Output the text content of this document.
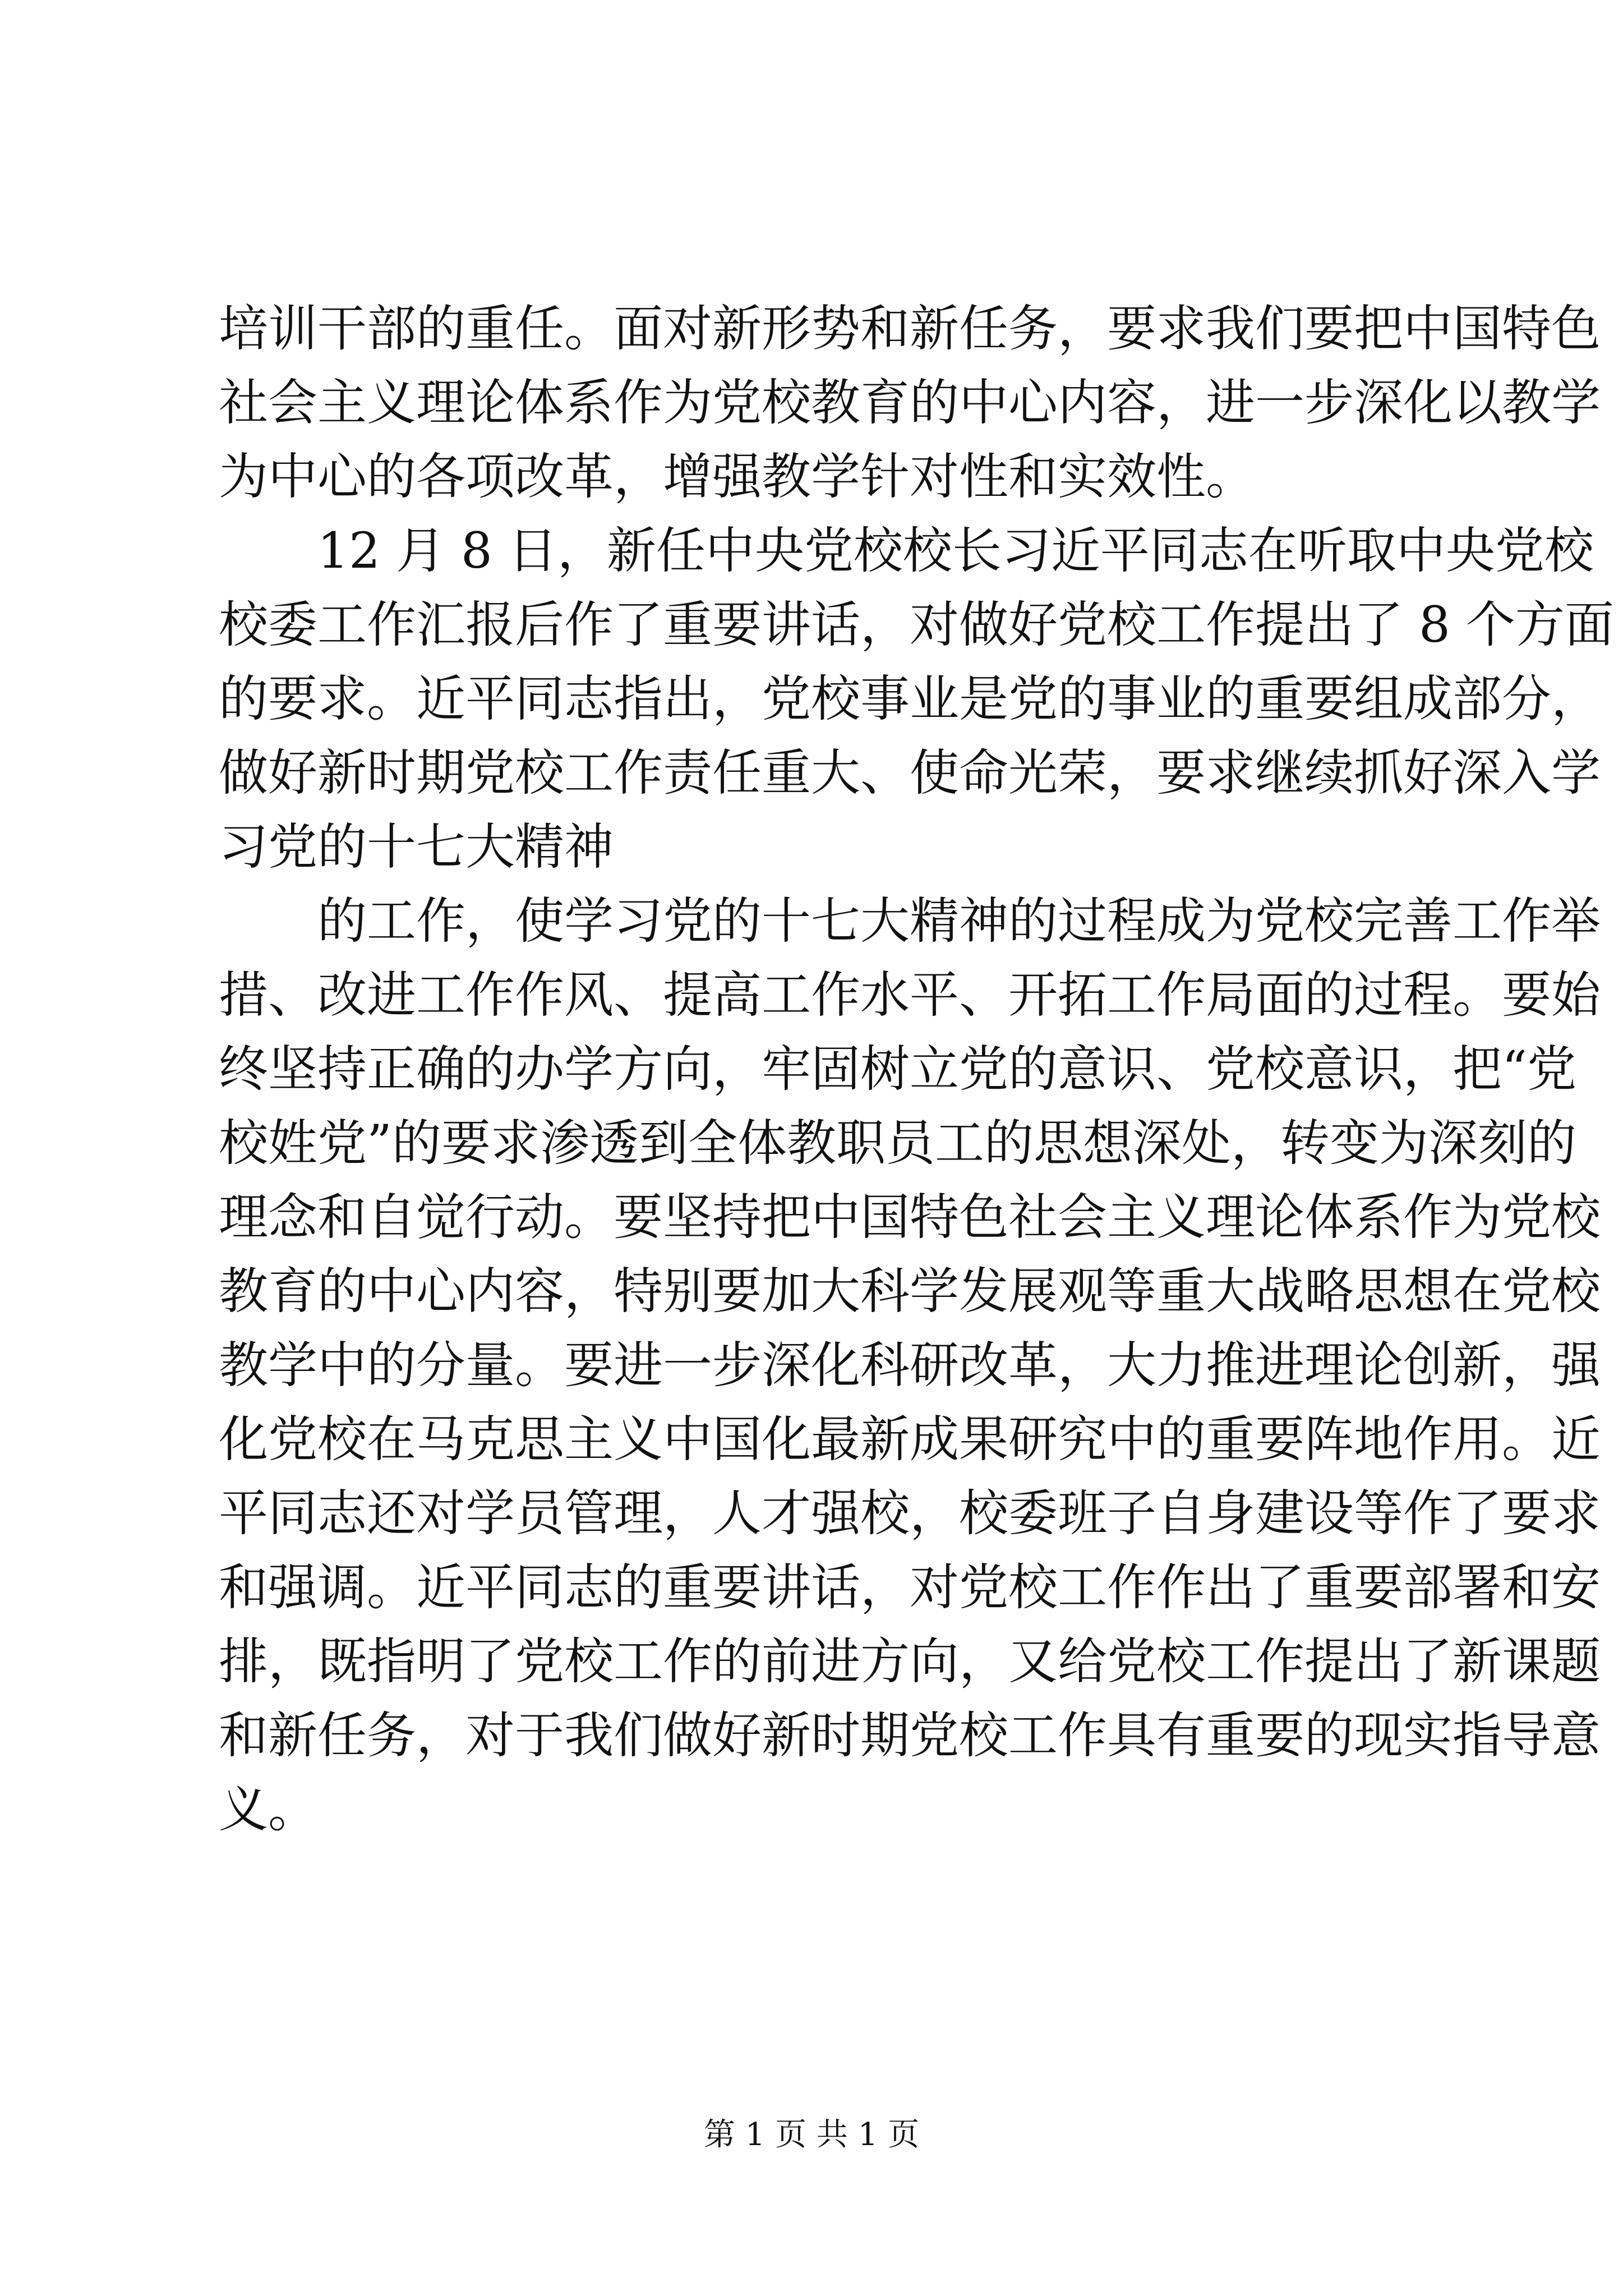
培训干部的重任。面对新形势和新任务，要求我们要把中国特色
社会主义理论体系作为党校教育的中心内容，进一步深化以教学
为中心的各项改革，增强教学针对性和实效性。
　　12 月 8 日，新任中央党校校长习近平同志在听取中央党校
校委工作汇报后作了重要讲话，对做好党校工作提出了 8 个方面
的要求。近平同志指出，党校事业是党的事业的重要组成部分，
做好新时期党校工作责任重大、使命光荣，要求继续抓好深入学
习党的十七大精神
　　的工作，使学习党的十七大精神的过程成为党校完善工作举
措、改进工作作风、提高工作水平、开拓工作局面的过程。要始
终坚持正确的办学方向，牢固树立党的意识、党校意识，把“党
校姓党”的要求渗透到全体教职员工的思想深处，转变为深刻的
理念和自觉行动。要坚持把中国特色社会主义理论体系作为党校
教育的中心内容，特别要加大科学发展观等重大战略思想在党校
教学中的分量。要进一步深化科研改革，大力推进理论创新，强
化党校在马克思主义中国化最新成果研究中的重要阵地作用。近
平同志还对学员管理，人才强校，校委班子自身建设等作了要求
和强调。近平同志的重要讲话，对党校工作作出了重要部署和安
排，既指明了党校工作的前进方向，又给党校工作提出了新课题
和新任务，对于我们做好新时期党校工作具有重要的现实指导意
义。
第 1 页 共 1 页
